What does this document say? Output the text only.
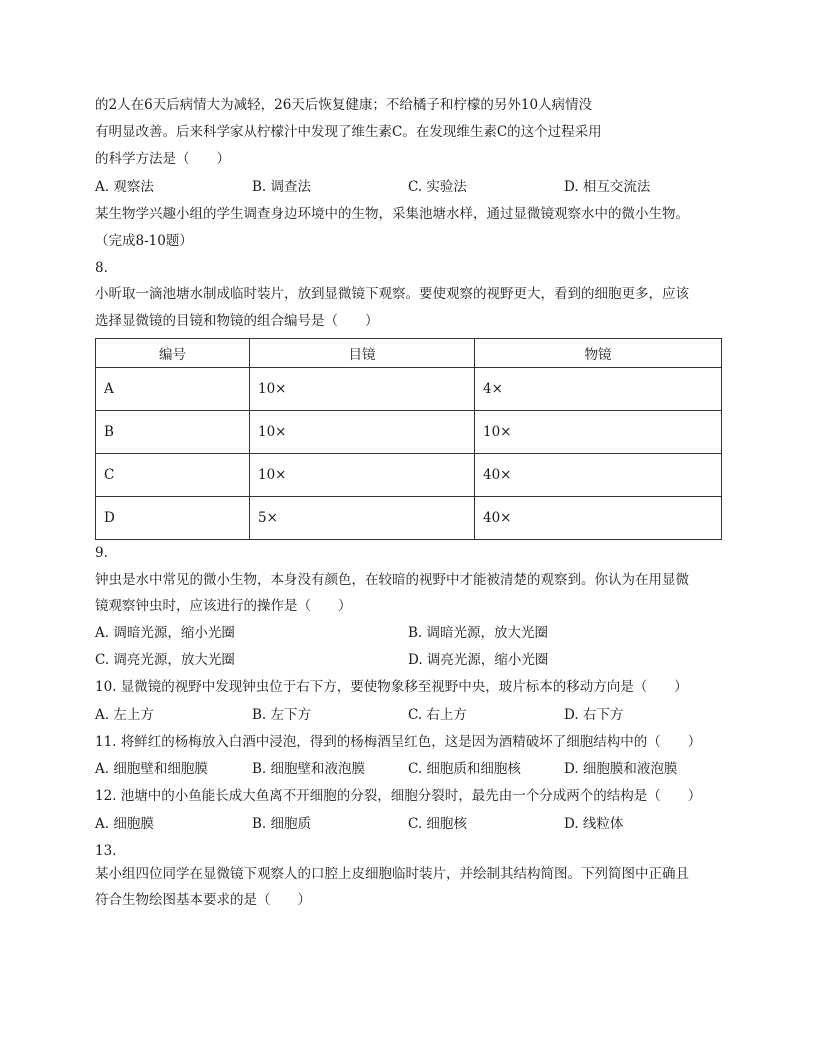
的2人在6天后病情大为减轻，26天后恢复健康；不给橘子和柠檬的另外10人病情没
有明显改善。后来科学家从柠檬汁中发现了维生素C。在发现维生素C的这个过程采用
的科学方法是（　　）
A. 观察法	B. 调查法	C. 实验法	D. 相互交流法
某生物学兴趣小组的学生调查身边环境中的生物，采集池塘水样，通过显微镜观察水中的微小生物。
（完成8-10题）
8.
小昕取一滴池塘水制成临时装片，放到显微镜下观察。要使观察的视野更大，看到的细胞更多，应该
选择显微镜的目镜和物镜的组合编号是（　　）
编号	目镜	物镜
A	10×	4×
B	10×	10×
C	10×	40×
D	5×	40×
9.
钟虫是水中常见的微小生物，本身没有颜色，在较暗的视野中才能被清楚的观察到。你认为在用显微
镜观察钟虫时，应该进行的操作是（　　）
A. 调暗光源，缩小光圈	B. 调暗光源，放大光圈
C. 调亮光源，放大光圈	D. 调亮光源，缩小光圈
10. 显微镜的视野中发现钟虫位于右下方，要使物象移至视野中央，玻片标本的移动方向是（　　）
A. 左上方	B. 左下方	C. 右上方	D. 右下方
11. 将鲜红的杨梅放入白酒中浸泡，得到的杨梅酒呈红色，这是因为酒精破坏了细胞结构中的（　　）
A. 细胞壁和细胞膜	B. 细胞壁和液泡膜	C. 细胞质和细胞核	D. 细胞膜和液泡膜
12. 池塘中的小鱼能长成大鱼离不开细胞的分裂，细胞分裂时，最先由一个分成两个的结构是（　　）
A. 细胞膜	B. 细胞质	C. 细胞核	D. 线粒体
13.
某小组四位同学在显微镜下观察人的口腔上皮细胞临时装片，并绘制其结构简图。下列简图中正确且
符合生物绘图基本要求的是（　　）
